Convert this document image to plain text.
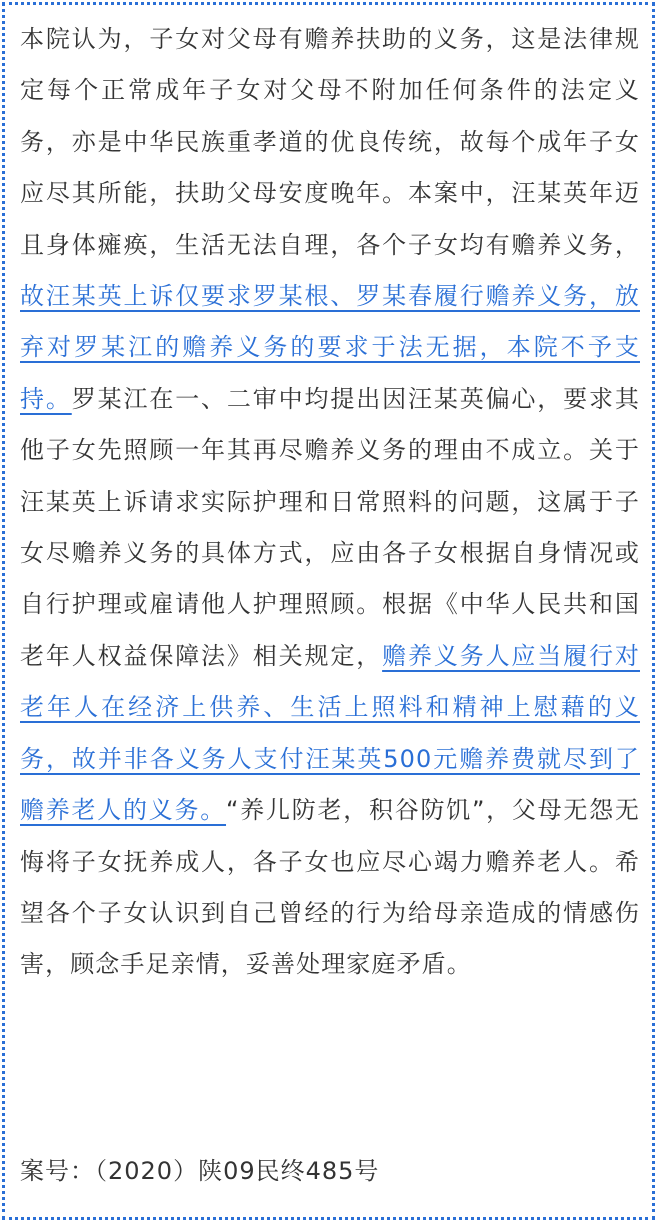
本院认为，子女对父母有赡养扶助的义务，这是法律规定每个正常成年子女对父母不附加任何条件的法定义务，亦是中华民族重孝道的优良传统，故每个成年子女应尽其所能，扶助父母安度晚年。本案中，汪某英年迈且身体瘫痪，生活无法自理，各个子女均有赡养义务，故汪某英上诉仅要求罗某根、罗某春履行赡养义务，放弃对罗某江的赡养义务的要求于法无据，本院不予支持。罗某江在一、二审中均提出因汪某英偏心，要求其他子女先照顾一年其再尽赡养义务的理由不成立。关于汪某英上诉请求实际护理和日常照料的问题，这属于子女尽赡养义务的具体方式，应由各子女根据自身情况或自行护理或雇请他人护理照顾。根据《中华人民共和国老年人权益保障法》相关规定，赡养义务人应当履行对老年人在经济上供养、生活上照料和精神上慰藉的义务，故并非各义务人支付汪某英500元赡养费就尽到了赡养老人的义务。“养儿防老，积谷防饥”，父母无怨无悔将子女抚养成人，各子女也应尽心竭力赡养老人。希望各个子女认识到自己曾经的行为给母亲造成的情感伤害，顾念手足亲情，妥善处理家庭矛盾。
案号：（2020）陕09民终485号
